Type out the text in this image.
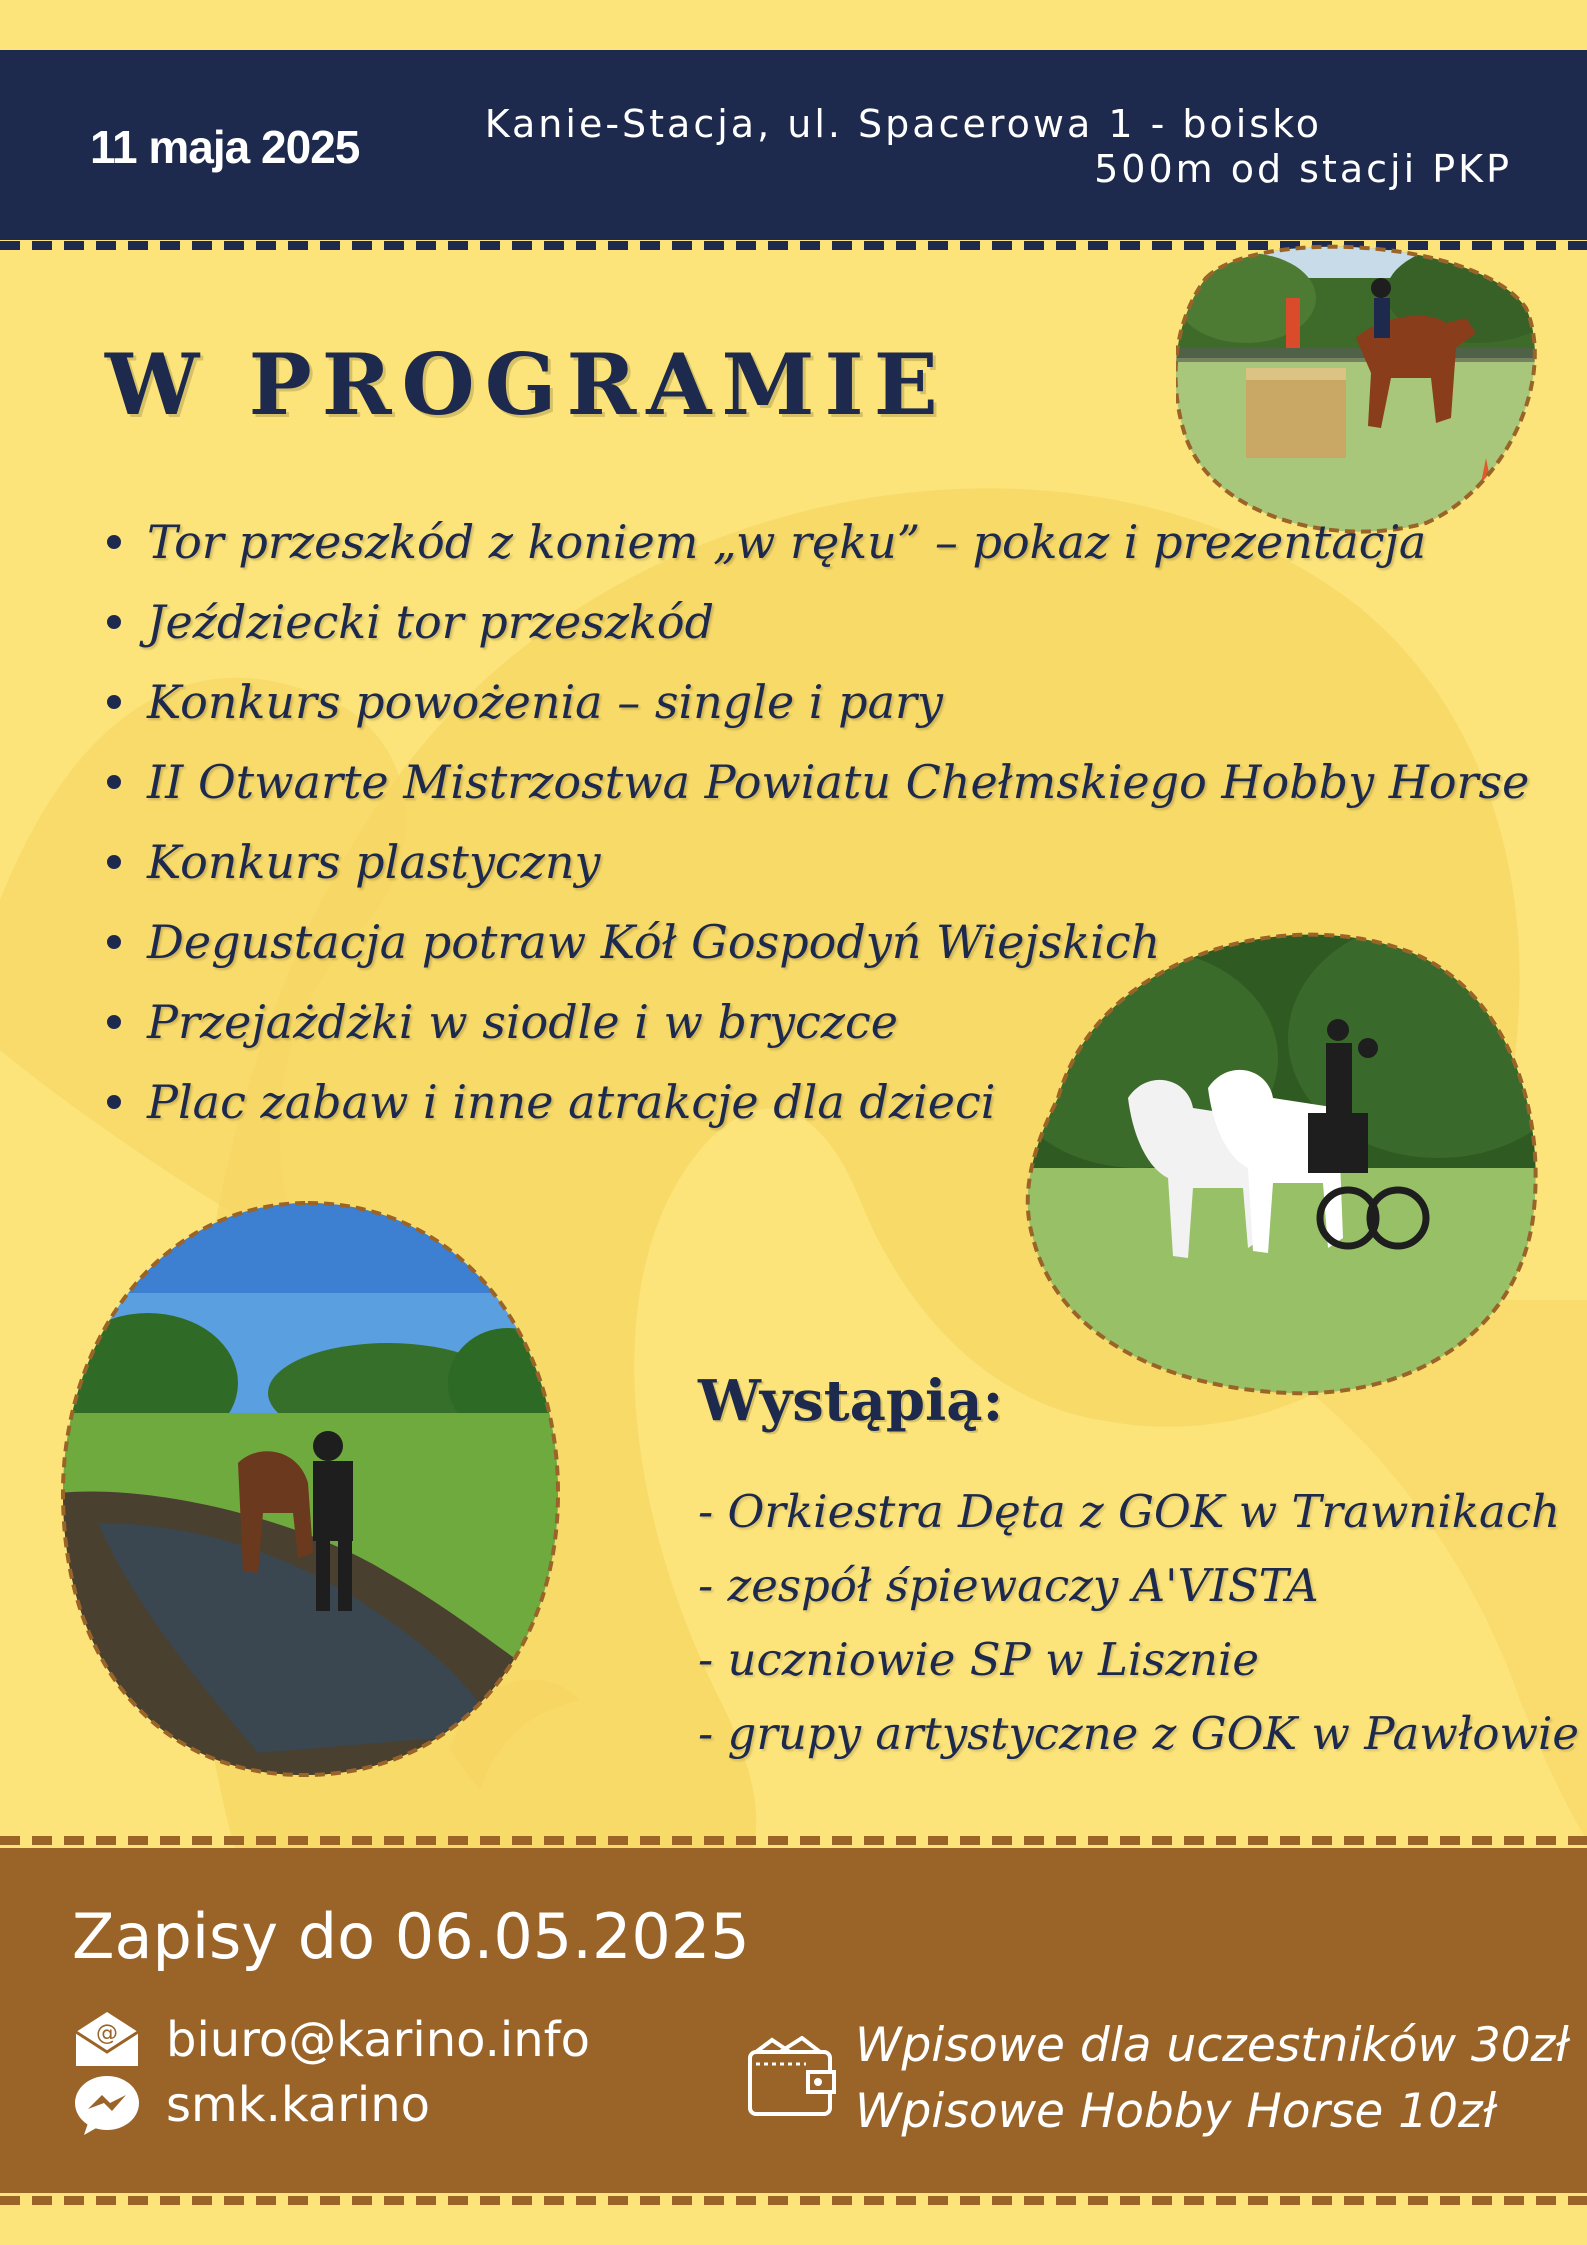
11 maja 2025	Kanie-Stacja, ul. Spacerowa 1 - boisko
500m od stacji PKP
W PROGRAMIE
Tor przeszkód z koniem „w ręku” – pokaz i prezentacja
Jeździecki tor przeszkód
Konkurs powożenia – single i pary
II Otwarte Mistrzostwa Powiatu Chełmskiego Hobby Horse
Konkurs plastyczny
Degustacja potraw Kół Gospodyń Wiejskich
Przejażdżki w siodle i w bryczce
Plac zabaw i inne atrakcje dla dzieci
Wystąpią:
- Orkiestra Dęta z GOK w Trawnikach
- zespół śpiewaczy A'VISTA
- uczniowie SP w Lisznie
- grupy artystyczne z GOK w Pawłowie
Zapisy do 06.05.2025
@ biuro@karino.info
smk.karino
Wpisowe dla uczestników 30zł
Wpisowe Hobby Horse 10zł
